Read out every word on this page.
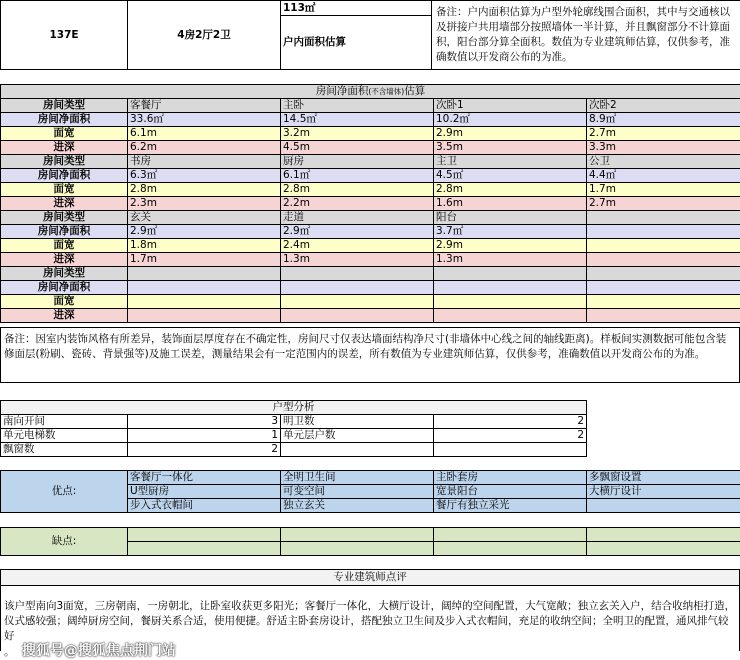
137E	4房2厅2卫	113㎡	备注：户内面积估算为户型外轮廓线围合面积，其中与交通核以及拼接户共用墙部分按照墙体一半计算，并且飘窗部分不计算面积，阳台部分算全面积。数值为专业建筑师估算，仅供参考，准确数值以开发商公布的为准。
户内面积估算
房间净面积(不含墙体)估算				
房间类型	客餐厅	主卧	次卧1	次卧2
房间净面积	33.6㎡	14.5㎡	10.2㎡	8.9㎡
面宽	6.1m	3.2m	2.9m	2.7m
进深	6.2m	4.5m	3.5m	3.3m
房间类型	书房	厨房	主卫	公卫
房间净面积	6.3㎡	6.1㎡	4.5㎡	4.4㎡
面宽	2.8m	2.8m	2.8m	1.7m
进深	2.3m	2.2m	1.6m	2.7m
房间类型	玄关	走道	阳台	
房间净面积	2.9㎡	2.9㎡	3.7㎡	
面宽	1.8m	2.4m	2.9m	
进深	1.7m	1.3m	1.3m	
房间类型				
房间净面积				
面宽				
进深				
备注：因室内装饰风格有所差异，装饰面层厚度存在不确定性，房间尺寸仅表达墙面结构净尺寸(非墙体中心线之间的轴线距离)。样板间实测数据可能包含装修面层(粉刷、瓷砖、背景强等)及施工误差，测量结果会有一定范围内的误差，所有数值为专业建筑师估算，仅供参考，准确数值以开发商公布的为准。
户型分析			
南向开间	3	明卫数	2
单元电梯数	1	单元层户数	2
飘窗数	2		
优点:	客餐厅一体化	全明卫生间	主卧套房	多飘窗设置
	U型厨房	可变空间	宽景阳台	大横厅设计
	步入式衣帽间	独立玄关	餐厅有独立采光	
缺点:				

专业建筑师点评
该户型南向3面宽，三房朝南，一房朝北，让卧室收获更多阳光；客餐厅一体化，大横厅设计，阔绰的空间配置，大气宽敞；独立玄关入户，结合收纳柜打造，仪式感较强；阔绰厨房空间，餐厨关系合适，使用便捷。舒适主卧套房设计，搭配独立卫生间及步入式衣帽间，充足的收纳空间；全明卫的配置，通风排气较好
。 搜狐号@搜狐焦点荆门站
